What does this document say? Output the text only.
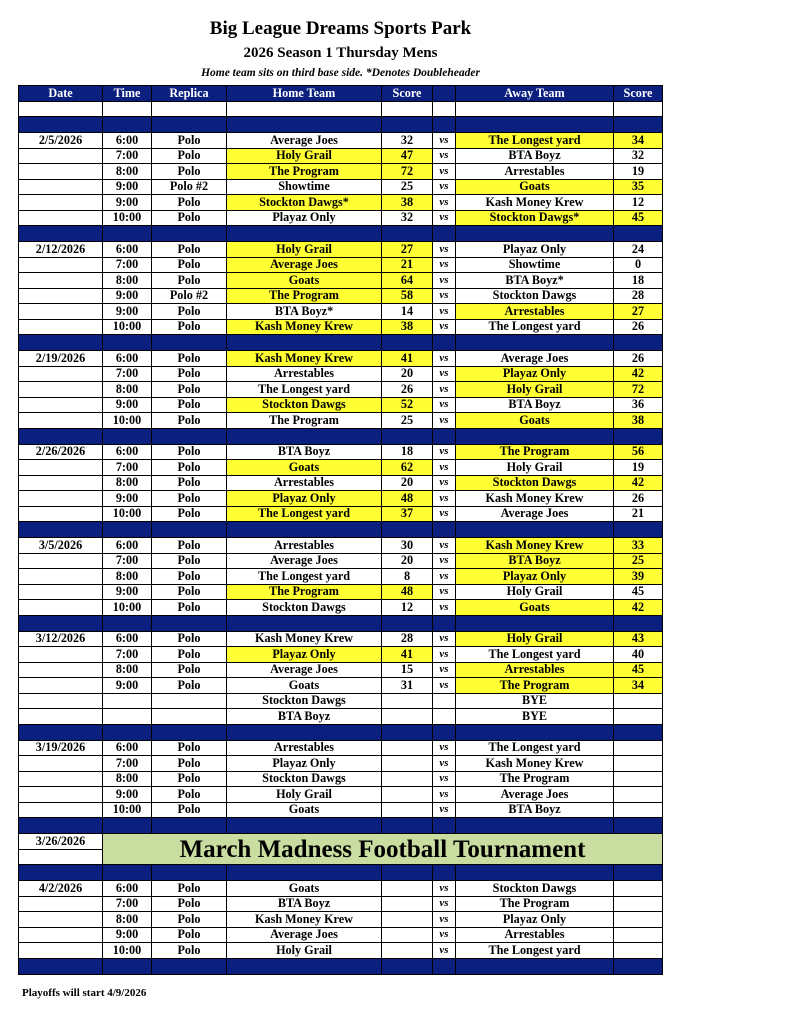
Big League Dreams Sports Park
2026 Season 1 Thursday Mens
Home team sits on third base side. *Denotes Doubleheader
Date	Time	Replica	Home Team	Score		Away Team	Score

2/5/2026	6:00	Polo	Average Joes	32	vs	The Longest yard	34
	7:00	Polo	Holy Grail	47	vs	BTA Boyz	32
	8:00	Polo	The Program	72	vs	Arrestables	19
	9:00	Polo #2	Showtime	25	vs	Goats	35
	9:00	Polo	Stockton Dawgs*	38	vs	Kash Money Krew	12
	10:00	Polo	Playaz Only	32	vs	Stockton Dawgs*	45

2/12/2026	6:00	Polo	Holy Grail	27	vs	Playaz Only	24
	7:00	Polo	Average Joes	21	vs	Showtime	0
	8:00	Polo	Goats	64	vs	BTA Boyz*	18
	9:00	Polo #2	The Program	58	vs	Stockton Dawgs	28
	9:00	Polo	BTA Boyz*	14	vs	Arrestables	27
	10:00	Polo	Kash Money Krew	38	vs	The Longest yard	26

2/19/2026	6:00	Polo	Kash Money Krew	41	vs	Average Joes	26
	7:00	Polo	Arrestables	20	vs	Playaz Only	42
	8:00	Polo	The Longest yard	26	vs	Holy Grail	72
	9:00	Polo	Stockton Dawgs	52	vs	BTA Boyz	36
	10:00	Polo	The Program	25	vs	Goats	38

2/26/2026	6:00	Polo	BTA Boyz	18	vs	The Program	56
	7:00	Polo	Goats	62	vs	Holy Grail	19
	8:00	Polo	Arrestables	20	vs	Stockton Dawgs	42
	9:00	Polo	Playaz Only	48	vs	Kash Money Krew	26
	10:00	Polo	The Longest yard	37	vs	Average Joes	21

3/5/2026	6:00	Polo	Arrestables	30	vs	Kash Money Krew	33
	7:00	Polo	Average Joes	20	vs	BTA Boyz	25
	8:00	Polo	The Longest yard	8	vs	Playaz Only	39
	9:00	Polo	The Program	48	vs	Holy Grail	45
	10:00	Polo	Stockton Dawgs	12	vs	Goats	42

3/12/2026	6:00	Polo	Kash Money Krew	28	vs	Holy Grail	43
	7:00	Polo	Playaz Only	41	vs	The Longest yard	40
	8:00	Polo	Average Joes	15	vs	Arrestables	45
	9:00	Polo	Goats	31	vs	The Program	34
			Stockton Dawgs			BYE	
			BTA Boyz			BYE	

3/19/2026	6:00	Polo	Arrestables		vs	The Longest yard	
	7:00	Polo	Playaz Only		vs	Kash Money Krew	
	8:00	Polo	Stockton Dawgs		vs	The Program	
	9:00	Polo	Holy Grail		vs	Average Joes	
	10:00	Polo	Goats		vs	BTA Boyz	

3/26/2026	March Madness Football Tournament						

4/2/2026	6:00	Polo	Goats		vs	Stockton Dawgs	
	7:00	Polo	BTA Boyz		vs	The Program	
	8:00	Polo	Kash Money Krew		vs	Playaz Only	
	9:00	Polo	Average Joes		vs	Arrestables	
	10:00	Polo	Holy Grail		vs	The Longest yard	

Playoffs will start 4/9/2026
